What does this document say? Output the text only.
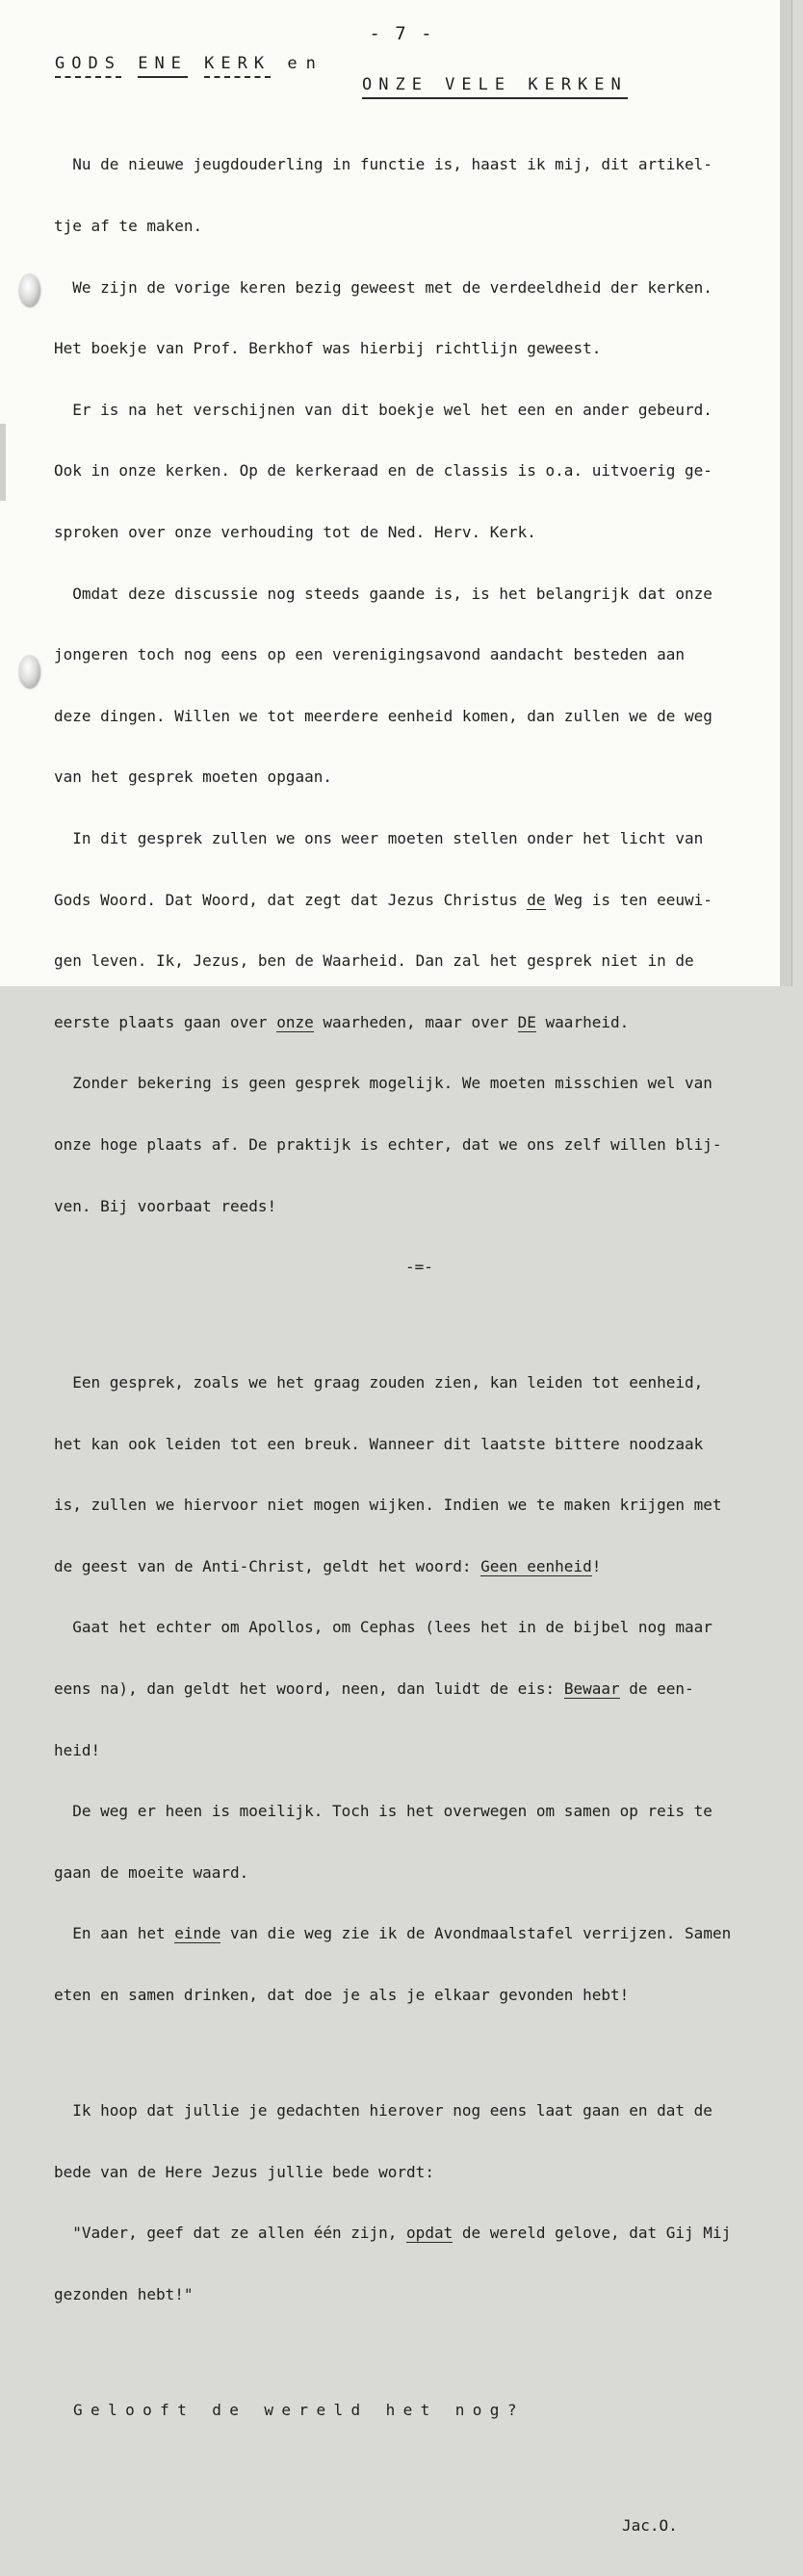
- 7 -
GODS ENE KERK en
ONZE VELE KERKEN

Nu de nieuwe jeugdouderling in functie is, haast ik mij, dit artikel-

tje af te maken.

We zijn de vorige keren bezig geweest met de verdeeldheid der kerken.

Het boekje van Prof. Berkhof was hierbij richtlijn geweest.

Er is na het verschijnen van dit boekje wel het een en ander gebeurd.

Ook in onze kerken. Op de kerkeraad en de classis is o.a. uitvoerig ge-

sproken over onze verhouding tot de Ned. Herv. Kerk.

Omdat deze discussie nog steeds gaande is, is het belangrijk dat onze

jongeren toch nog eens op een verenigingsavond aandacht besteden aan

deze dingen. Willen we tot meerdere eenheid komen, dan zullen we de weg

van het gesprek moeten opgaan.

In dit gesprek zullen we ons weer moeten stellen onder het licht van

Gods Woord. Dat Woord, dat zegt dat Jezus Christus de Weg is ten eeuwi-

gen leven. Ik, Jezus, ben de Waarheid. Dan zal het gesprek niet in de

eerste plaats gaan over onze waarheden, maar over DE waarheid.

Zonder bekering is geen gesprek mogelijk. We moeten misschien wel van

onze hoge plaats af. De praktijk is echter, dat we ons zelf willen blij-

ven. Bij voorbaat reeds!

-=-

Een gesprek, zoals we het graag zouden zien, kan leiden tot eenheid,

het kan ook leiden tot een breuk. Wanneer dit laatste bittere noodzaak

is, zullen we hiervoor niet mogen wijken. Indien we te maken krijgen met

de geest van de Anti-Christ, geldt het woord: Geen eenheid!

Gaat het echter om Apollos, om Cephas (lees het in de bijbel nog maar

eens na), dan geldt het woord, neen, dan luidt de eis: Bewaar de een-

heid!

De weg er heen is moeilijk. Toch is het overwegen om samen op reis te

gaan de moeite waard.

En aan het einde van die weg zie ik de Avondmaalstafel verrijzen. Samen

eten en samen drinken, dat doe je als je elkaar gevonden hebt!

Ik hoop dat jullie je gedachten hierover nog eens laat gaan en dat de

bede van de Here Jezus jullie bede wordt:

"Vader, geef dat ze allen één zijn, opdat de wereld gelove, dat Gij Mij

gezonden hebt!"

Gelooft de wereld het nog?

Jac.O.
